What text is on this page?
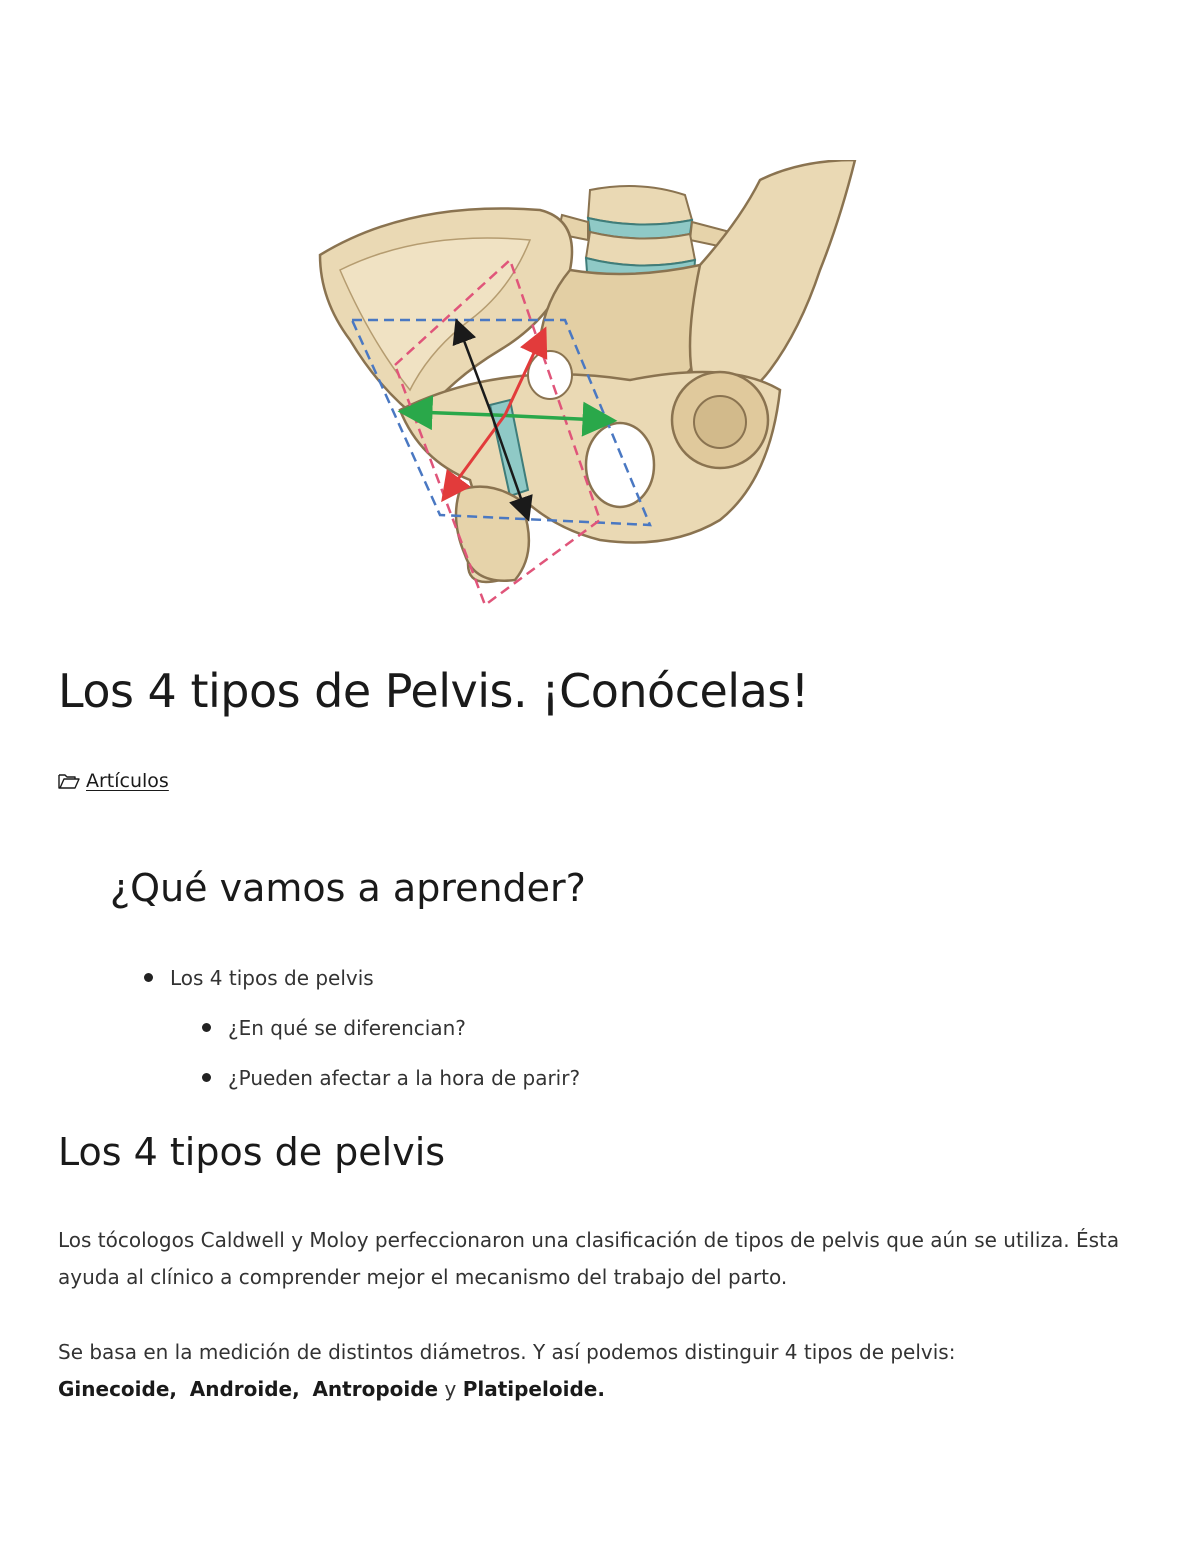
Los 4 tipos de Pelvis. ¡Conócelas!
Artículos
¿Qué vamos a aprender?
Los 4 tipos de pelvis
¿En qué se diferencian?
¿Pueden afectar a la hora de parir?
Los 4 tipos de pelvis

Los tócologos Caldwell y Moloy perfeccionaron una clasificación de tipos de pelvis que aún se utiliza. Ésta ayuda al clínico a comprender mejor el mecanismo del trabajo del parto.

Se basa en la medición de distintos diámetros. Y así podemos distinguir 4 tipos de pelvis:
Ginecoide, Androide, Antropoide y Platipeloide.
